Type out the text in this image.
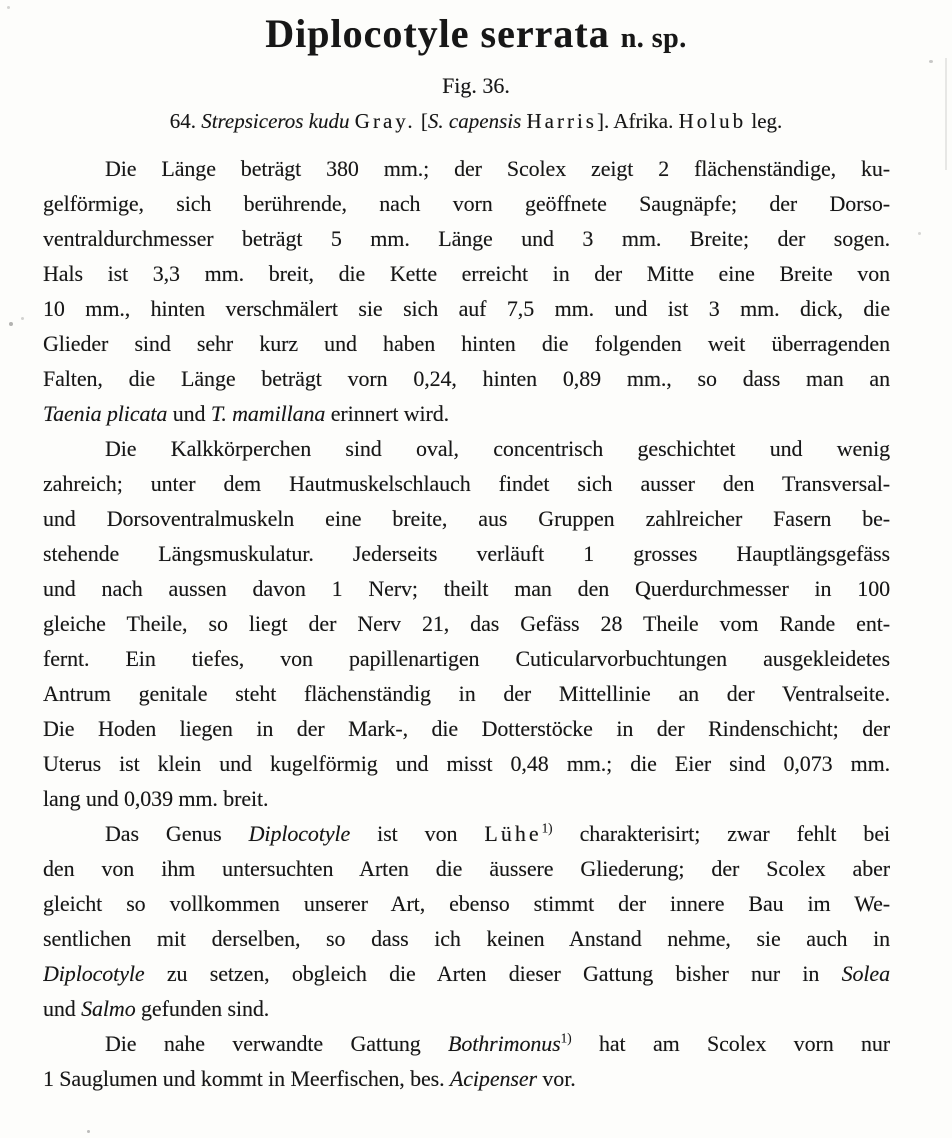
Diplocotyle serrata n. sp.
Fig. 36.
64. Strepsiceros kudu Gray. [S. capensis Harris]. Afrika. Holub leg.
Die Länge beträgt 380 mm.; der Scolex zeigt 2 flächenständige, ku-
gelförmige, sich berührende, nach vorn geöffnete Saugnäpfe; der Dorso-
ventraldurchmesser beträgt 5 mm. Länge und 3 mm. Breite; der sogen.
Hals ist 3,3 mm. breit, die Kette erreicht in der Mitte eine Breite von
10 mm., hinten verschmälert sie sich auf 7,5 mm. und ist 3 mm. dick, die
Glieder sind sehr kurz und haben hinten die folgenden weit überragenden
Falten, die Länge beträgt vorn 0,24, hinten 0,89 mm., so dass man an
Taenia plicata und T. mamillana erinnert wird.
Die Kalkkörperchen sind oval, concentrisch geschichtet und wenig
zahreich; unter dem Hautmuskelschlauch findet sich ausser den Transversal-
und Dorsoventralmuskeln eine breite, aus Gruppen zahlreicher Fasern be-
stehende Längsmuskulatur. Jederseits verläuft 1 grosses Hauptlängsgefäss
und nach aussen davon 1 Nerv; theilt man den Querdurchmesser in 100
gleiche Theile, so liegt der Nerv 21, das Gefäss 28 Theile vom Rande ent-
fernt. Ein tiefes, von papillenartigen Cuticularvorbuchtungen ausgekleidetes
Antrum genitale steht flächenständig in der Mittellinie an der Ventralseite.
Die Hoden liegen in der Mark-, die Dotterstöcke in der Rindenschicht; der
Uterus ist klein und kugelförmig und misst 0,48 mm.; die Eier sind 0,073 mm.
lang und 0,039 mm. breit.
Das Genus Diplocotyle ist von Lühe$^{1)}$ charakterisirt; zwar fehlt bei
den von ihm untersuchten Arten die äussere Gliederung; der Scolex aber
gleicht so vollkommen unserer Art, ebenso stimmt der innere Bau im We-
sentlichen mit derselben, so dass ich keinen Anstand nehme, sie auch in
Diplocotyle zu setzen, obgleich die Arten dieser Gattung bisher nur in Solea
und Salmo gefunden sind.
Die nahe verwandte Gattung Bothrimonus$^{1)}$ hat am Scolex vorn nur
1 Sauglumen und kommt in Meerfischen, bes. Acipenser vor.
